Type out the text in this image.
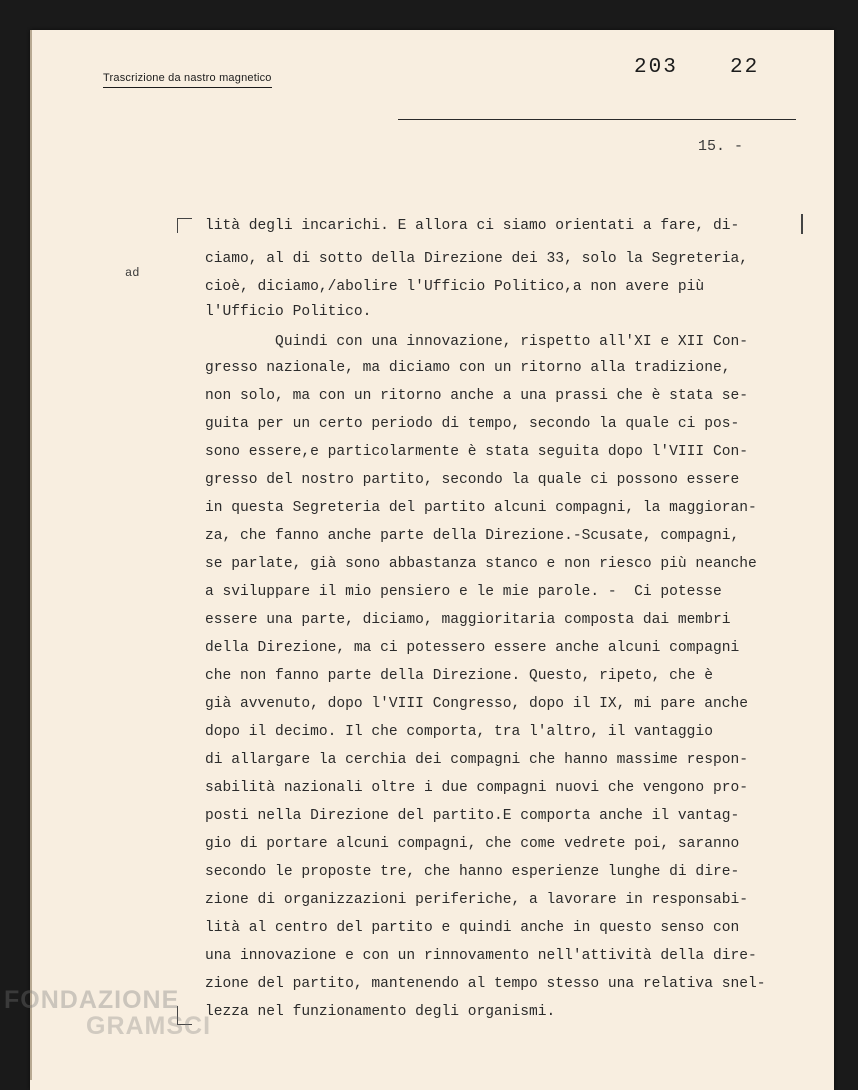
Trascrizione da nastro magnetico	203 22
15. -
lità degli incarichi. E allora ci siamo orientati a fare, di-
ciamo, al di sotto della Direzione dei 33, solo la Segreteria,
cioè, diciamo,/abolire l'Ufficio Politico,a non avere più
l'Ufficio Politico.
Quindi con una innovazione, rispetto all'XI e XII Con-
gresso nazionale, ma diciamo con un ritorno alla tradizione,
non solo, ma con un ritorno anche a una prassi che è stata se-
guita per un certo periodo di tempo, secondo la quale ci pos-
sono essere,e particolarmente è stata seguita dopo l'VIII Con-
gresso del nostro partito, secondo la quale ci possono essere
in questa Segreteria del partito alcuni compagni, la maggioran-
za, che fanno anche parte della Direzione.-Scusate, compagni,
se parlate, già sono abbastanza stanco e non riesco più neanche
a sviluppare il mio pensiero e le mie parole. -  Ci potesse
essere una parte, diciamo, maggioritaria composta dai membri
della Direzione, ma ci potessero essere anche alcuni compagni
che non fanno parte della Direzione. Questo, ripeto, che è
già avvenuto, dopo l'VIII Congresso, dopo il IX, mi pare anche
dopo il decimo. Il che comporta, tra l'altro, il vantaggio
di allargare la cerchia dei compagni che hanno massime respon-
sabilità nazionali oltre i due compagni nuovi che vengono pro-
posti nella Direzione del partito.E comporta anche il vantag-
gio di portare alcuni compagni, che come vedrete poi, saranno
secondo le proposte tre, che hanno esperienze lunghe di dire-
zione di organizzazioni periferiche, a lavorare in responsabi-
lità al centro del partito e quindi anche in questo senso con
una innovazione e con un rinnovamento nell'attività della dire-
zione del partito, mantenendo al tempo stesso una relativa snel-
lezza nel funzionamento degli organismi.
ad
FONDAZIONE
GRAMSCI
